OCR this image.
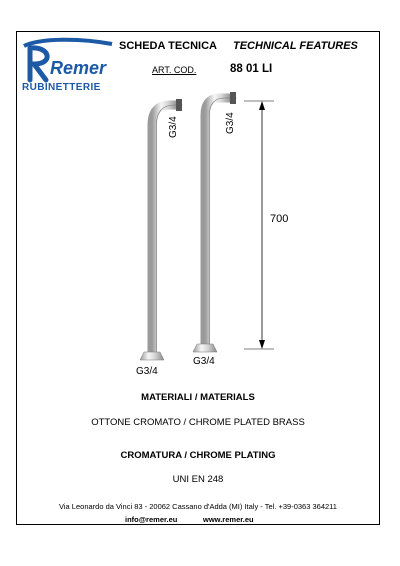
Remer
RUBINETTERIE
SCHEDA TECNICA TECHNICAL FEATURES
ART. COD.	88 01 LI
G3/4	G3/4
700
G3/4
G3/4
MATERIALI / MATERIALS
OTTONE CROMATO / CHROME PLATED BRASS
CROMATURA / CHROME PLATING
UNI EN 248
Via Leonardo da Vinci 83 - 20062 Cassano d'Adda (MI) Italy - Tel. +39-0363 364211
info@remer.eu	www.remer.eu
